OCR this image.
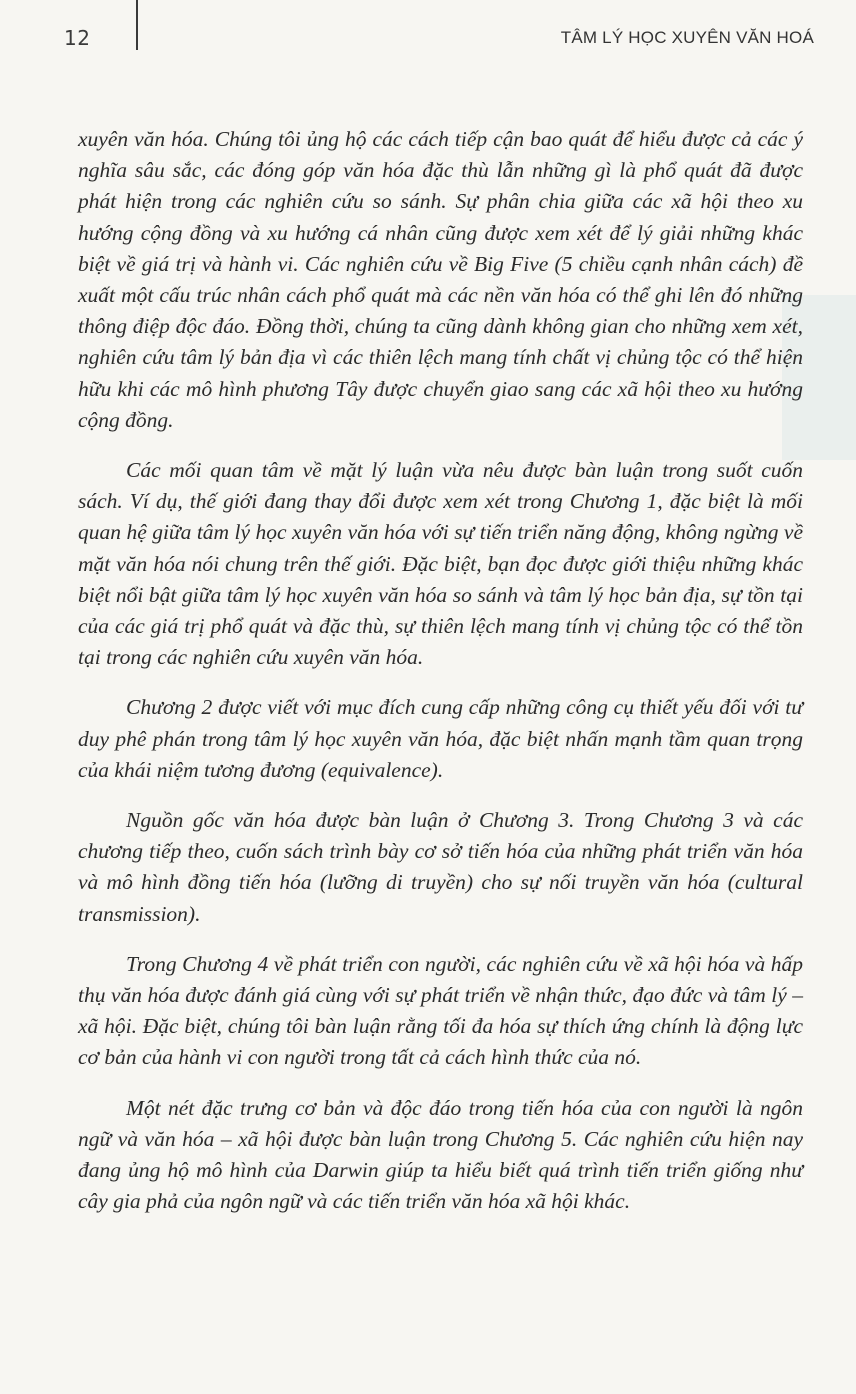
12	TÂM LÝ HỌC XUYÊN VĂN HOÁ

xuyên văn hóa. Chúng tôi ủng hộ các cách tiếp cận bao quát để hiểu được cả các ý nghĩa sâu sắc, các đóng góp văn hóa đặc thù lẫn những gì là phổ quát đã được phát hiện trong các nghiên cứu so sánh. Sự phân chia giữa các xã hội theo xu hướng cộng đồng và xu hướng cá nhân cũng được xem xét để lý giải những khác biệt về giá trị và hành vi. Các nghiên cứu về Big Five (5 chiều cạnh nhân cách) đề xuất một cấu trúc nhân cách phổ quát mà các nền văn hóa có thể ghi lên đó những thông điệp độc đáo. Đồng thời, chúng ta cũng dành không gian cho những xem xét, nghiên cứu tâm lý bản địa vì các thiên lệch mang tính chất vị chủng tộc có thể hiện hữu khi các mô hình phương Tây được chuyển giao sang các xã hội theo xu hướng cộng đồng.

Các mối quan tâm về mặt lý luận vừa nêu được bàn luận trong suốt cuốn sách. Ví dụ, thế giới đang thay đổi được xem xét trong Chương 1, đặc biệt là mối quan hệ giữa tâm lý học xuyên văn hóa với sự tiến triển năng động, không ngừng về mặt văn hóa nói chung trên thế giới. Đặc biệt, bạn đọc được giới thiệu những khác biệt nổi bật giữa tâm lý học xuyên văn hóa so sánh và tâm lý học bản địa, sự tồn tại của các giá trị phổ quát và đặc thù, sự thiên lệch mang tính vị chủng tộc có thể tồn tại trong các nghiên cứu xuyên văn hóa.

Chương 2 được viết với mục đích cung cấp những công cụ thiết yếu đối với tư duy phê phán trong tâm lý học xuyên văn hóa, đặc biệt nhấn mạnh tầm quan trọng của khái niệm tương đương (equivalence).

Nguồn gốc văn hóa được bàn luận ở Chương 3. Trong Chương 3 và các chương tiếp theo, cuốn sách trình bày cơ sở tiến hóa của những phát triển văn hóa và mô hình đồng tiến hóa (lưỡng di truyền) cho sự nối truyền văn hóa (cultural transmission).

Trong Chương 4 về phát triển con người, các nghiên cứu về xã hội hóa và hấp thụ văn hóa được đánh giá cùng với sự phát triển về nhận thức, đạo đức và tâm lý – xã hội. Đặc biệt, chúng tôi bàn luận rằng tối đa hóa sự thích ứng chính là động lực cơ bản của hành vi con người trong tất cả cách hình thức của nó.

Một nét đặc trưng cơ bản và độc đáo trong tiến hóa của con người là ngôn ngữ và văn hóa – xã hội được bàn luận trong Chương 5. Các nghiên cứu hiện nay đang ủng hộ mô hình của Darwin giúp ta hiểu biết quá trình tiến triển giống như cây gia phả của ngôn ngữ và các tiến triển văn hóa xã hội khác.
